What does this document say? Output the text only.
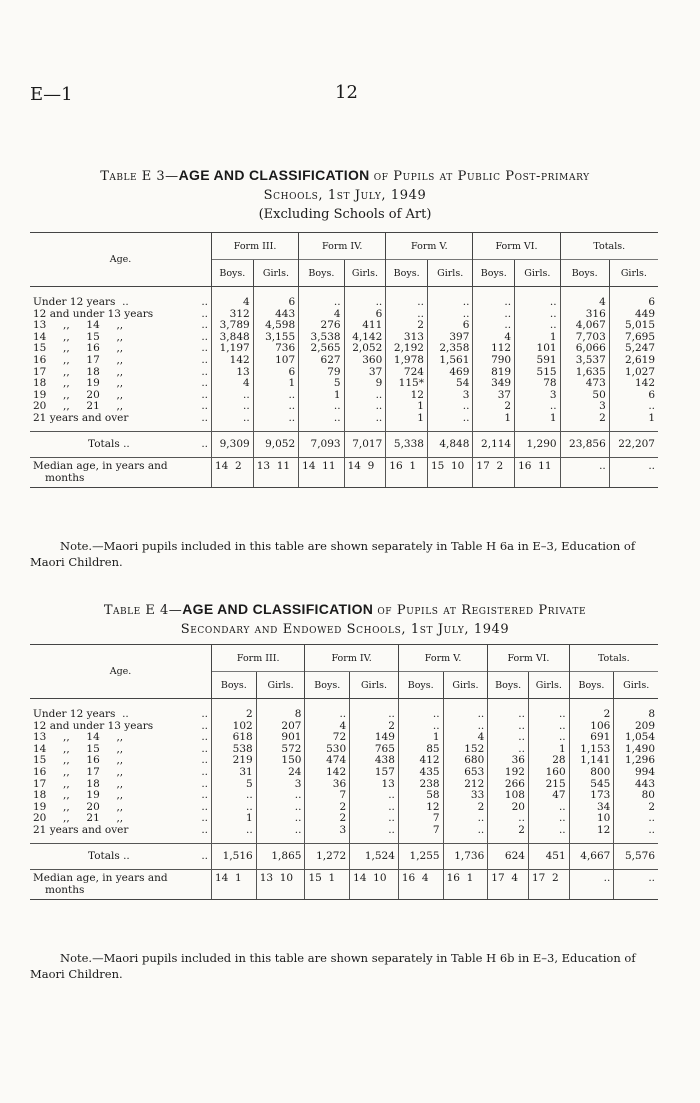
E—1	12
Table E 3—AGE AND CLASSIFICATION of Pupils at Public Post-primary
Schools, 1st July, 1949
(Excluding Schools of Art)
Age.	Form III.		Form IV.		Form V.		Form VI.		Totals.	
	Boys.	Girls.	Boys.	Girls.	Boys.	Girls.	Boys.	Girls.	Boys.	Girls.
Under 12 years  .. ..	4	6	..	..	..	..	..	..	4	6
12 and under 13 years ..	312	443	4	6	..	..	..	..	316	449
13     ,,     14     ,, ..	3,789	4,598	276	411	2	6	..	..	4,067	5,015
14     ,,     15     ,, ..	3,848	3,155	3,538	4,142	313	397	4	1	7,703	7,695
15     ,,     16     ,, ..	1,197	736	2,565	2,052	2,192	2,358	112	101	6,066	5,247
16     ,,     17     ,, ..	142	107	627	360	1,978	1,561	790	591	3,537	2,619
17     ,,     18     ,, ..	13	6	79	37	724	469	819	515	1,635	1,027
18     ,,     19     ,, ..	4	1	5	9	115*	54	349	78	473	142
19     ,,     20     ,, ..	..	..	1	..	12	3	37	3	50	6
20     ,,     21     ,, ..	..	..	..	..	1	..	2	..	3	..
21 years and over ..	..	..	..	..	1	..	1	1	2	1
Totals .. ..	9,309	9,052	7,093	7,017	5,338	4,848	2,114	1,290	23,856	22,207

Median age, in years and
months	14  2	13  11	14  11	14  9	16  1	15  10	17  2	16  11	..	..
Note.—Maori pupils included in this table are shown separately in Table H 6a in E–3, Education of Maori Children.
Table E 4—AGE AND CLASSIFICATION of Pupils at Registered Private
Secondary and Endowed Schools, 1st July, 1949
Age.	Form III.		Form IV.		Form V.		Form VI.		Totals.	
	Boys.	Girls.	Boys.	Girls.	Boys.	Girls.	Boys.	Girls.	Boys.	Girls.
Under 12 years  .. ..	2	8	..	..	..	..	..	..	2	8
12 and under 13 years ..	102	207	4	2	..	..	..	..	106	209
13     ,,     14     ,, ..	618	901	72	149	1	4	..	..	691	1,054
14     ,,     15     ,, ..	538	572	530	765	85	152	..	1	1,153	1,490
15     ,,     16     ,, ..	219	150	474	438	412	680	36	28	1,141	1,296
16     ,,     17     ,, ..	31	24	142	157	435	653	192	160	800	994
17     ,,     18     ,, ..	5	3	36	13	238	212	266	215	545	443
18     ,,     19     ,, ..	..	..	7	..	58	33	108	47	173	80
19     ,,     20     ,, ..	..	..	2	..	12	2	20	..	34	2
20     ,,     21     ,, ..	1	..	2	..	7	..	..	..	10	..
21 years and over ..	..	..	3	..	7	..	2	..	12	..
Totals .. ..	1,516	1,865	1,272	1,524	1,255	1,736	624	451	4,667	5,576

Median age, in years and
months	14  1	13  10	15  1	14  10	16  4	16  1	17  4	17  2	..	..
Note.—Maori pupils included in this table are shown separately in Table H 6b in E–3, Education of Maori Children.
